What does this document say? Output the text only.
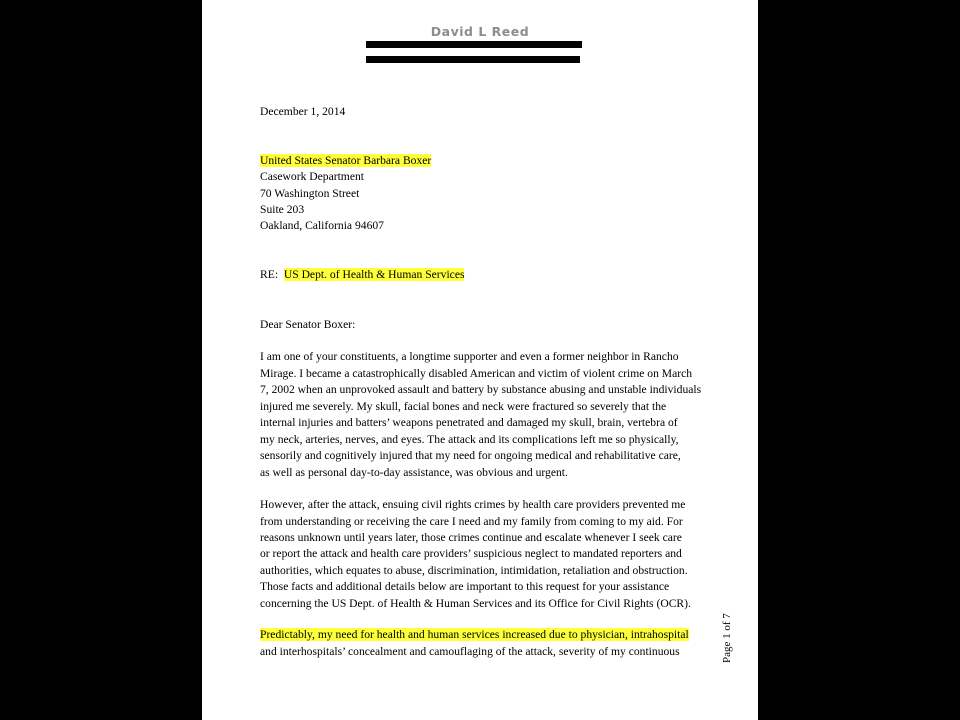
David L Reed
December 1, 2014
United States Senator Barbara Boxer
Casework Department
70 Washington Street
Suite 203
Oakland, California 94607
RE: US Dept. of Health & Human Services
Dear Senator Boxer:
I am one of your constituents, a longtime supporter and even a former neighbor in Rancho
Mirage. I became a catastrophically disabled American and victim of violent crime on March
7, 2002 when an unprovoked assault and battery by substance abusing and unstable individuals
injured me severely. My skull, facial bones and neck were fractured so severely that the
internal injuries and batters’ weapons penetrated and damaged my skull, brain, vertebra of
my neck, arteries, nerves, and eyes. The attack and its complications left me so physically,
sensorily and cognitively injured that my need for ongoing medical and rehabilitative care,
as well as personal day-to-day assistance, was obvious and urgent.
However, after the attack, ensuing civil rights crimes by health care providers prevented me
from understanding or receiving the care I need and my family from coming to my aid. For
reasons unknown until years later, those crimes continue and escalate whenever I seek care
or report the attack and health care providers’ suspicious neglect to mandated reporters and
authorities, which equates to abuse, discrimination, intimidation, retaliation and obstruction.
Those facts and additional details below are important to this request for your assistance
concerning the US Dept. of Health & Human Services and its Office for Civil Rights (OCR).
Predictably, my need for health and human services increased due to physician, intrahospital
and interhospitals’ concealment and camouflaging of the attack, severity of my continuous	Page 1 of 7
